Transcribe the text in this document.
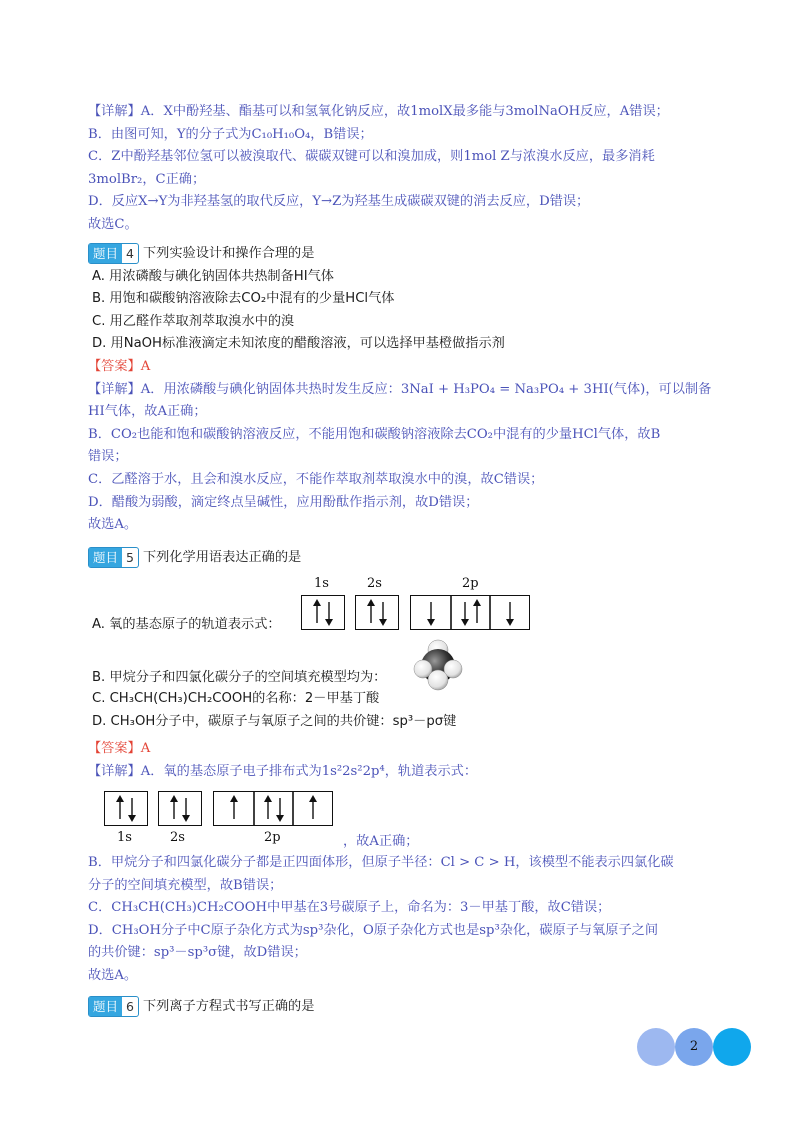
【详解】A．X中酚羟基、酯基可以和氢氧化钠反应，故1molX最多能与3molNaOH反应，A错误；
B．由图可知，Y的分子式为C₁₀H₁₀O₄，B错误；
C．Z中酚羟基邻位氢可以被溴取代、碳碳双键可以和溴加成，则1mol Z与浓溴水反应，最多消耗
3molBr₂，C正确；
D．反应X→Y为非羟基氢的取代反应，Y→Z为羟基生成碳碳双键的消去反应，D错误；
故选C。
题目 4 下列实验设计和操作合理的是
A. 用浓磷酸与碘化钠固体共热制备HI气体
B. 用饱和碳酸钠溶液除去CO₂中混有的少量HCl气体
C. 用乙醛作萃取剂萃取溴水中的溴
D. 用NaOH标准液滴定未知浓度的醋酸溶液，可以选择甲基橙做指示剂
【答案】A
【详解】A．用浓磷酸与碘化钠固体共热时发生反应：3NaI + H₃PO₄ = Na₃PO₄ + 3HI(气体)，可以制备
HI气体，故A正确；
B．CO₂也能和饱和碳酸钠溶液反应，不能用饱和碳酸钠溶液除去CO₂中混有的少量HCl气体，故B
错误；
C．乙醛溶于水，且会和溴水反应，不能作萃取剂萃取溴水中的溴，故C错误；
D．醋酸为弱酸，滴定终点呈碱性，应用酚酞作指示剂，故D错误；
故选A。
题目 5 下列化学用语表达正确的是
1s	2s	2p
A. 氧的基态原子的轨道表示式：
B. 甲烷分子和四氯化碳分子的空间填充模型均为：
C. CH₃CH(CH₃)CH₂COOH的名称：2－甲基丁酸
D. CH₃OH分子中，碳原子与氧原子之间的共价键：sp³－pσ键
【答案】A
【详解】A．氧的基态原子电子排布式为1s²2s²2p⁴，轨道表示式：
1s	2s	2p	，故A正确；
B．甲烷分子和四氯化碳分子都是正四面体形，但原子半径：Cl > C > H，该模型不能表示四氯化碳
分子的空间填充模型，故B错误；
C．CH₃CH(CH₃)CH₂COOH中甲基在3号碳原子上，命名为：3－甲基丁酸，故C错误；
D．CH₃OH分子中C原子杂化方式为sp³杂化，O原子杂化方式也是sp³杂化，碳原子与氧原子之间
的共价键：sp³－sp³σ键，故D错误；
故选A。
题目 6 下列离子方程式书写正确的是
2
